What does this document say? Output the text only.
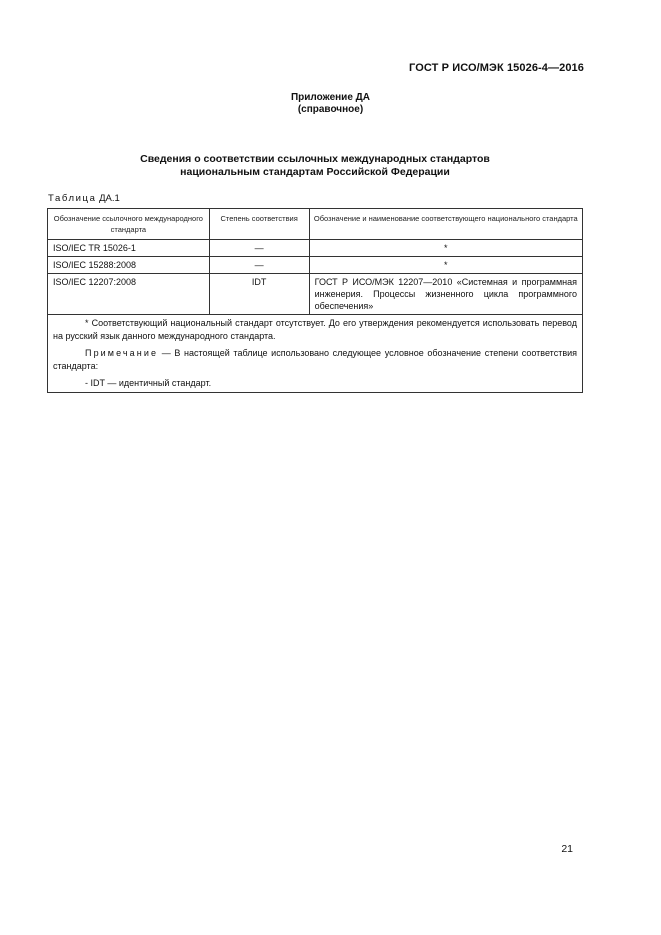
ГОСТ Р ИСО/МЭК 15026-4—2016
Приложение ДА
(справочное)
Сведения о соответствии ссылочных международных стандартов
национальным стандартам Российской Федерации
Таблица ДА.1
Обозначение ссылочного международного стандарта	Степень соответствия	Обозначение и наименование соответствующего национального стандарта
ISO/IEC TR 15026-1	—	*
ISO/IEC 15288:2008	—	*
ISO/IEC 12207:2008	IDT	ГОСТ Р ИСО/МЭК 12207—2010 «Системная и программная инженерия. Процессы жизненного цикла программного обеспечения»

* Соответствующий национальный стандарт отсутствует. До его утверждения рекомендуется использовать перевод на русский язык данного международного стандарта.

Примечание — В настоящей таблице использовано следующее условное обозначение степени соответствия стандарта:

- IDT — идентичный стандарт.		

21
